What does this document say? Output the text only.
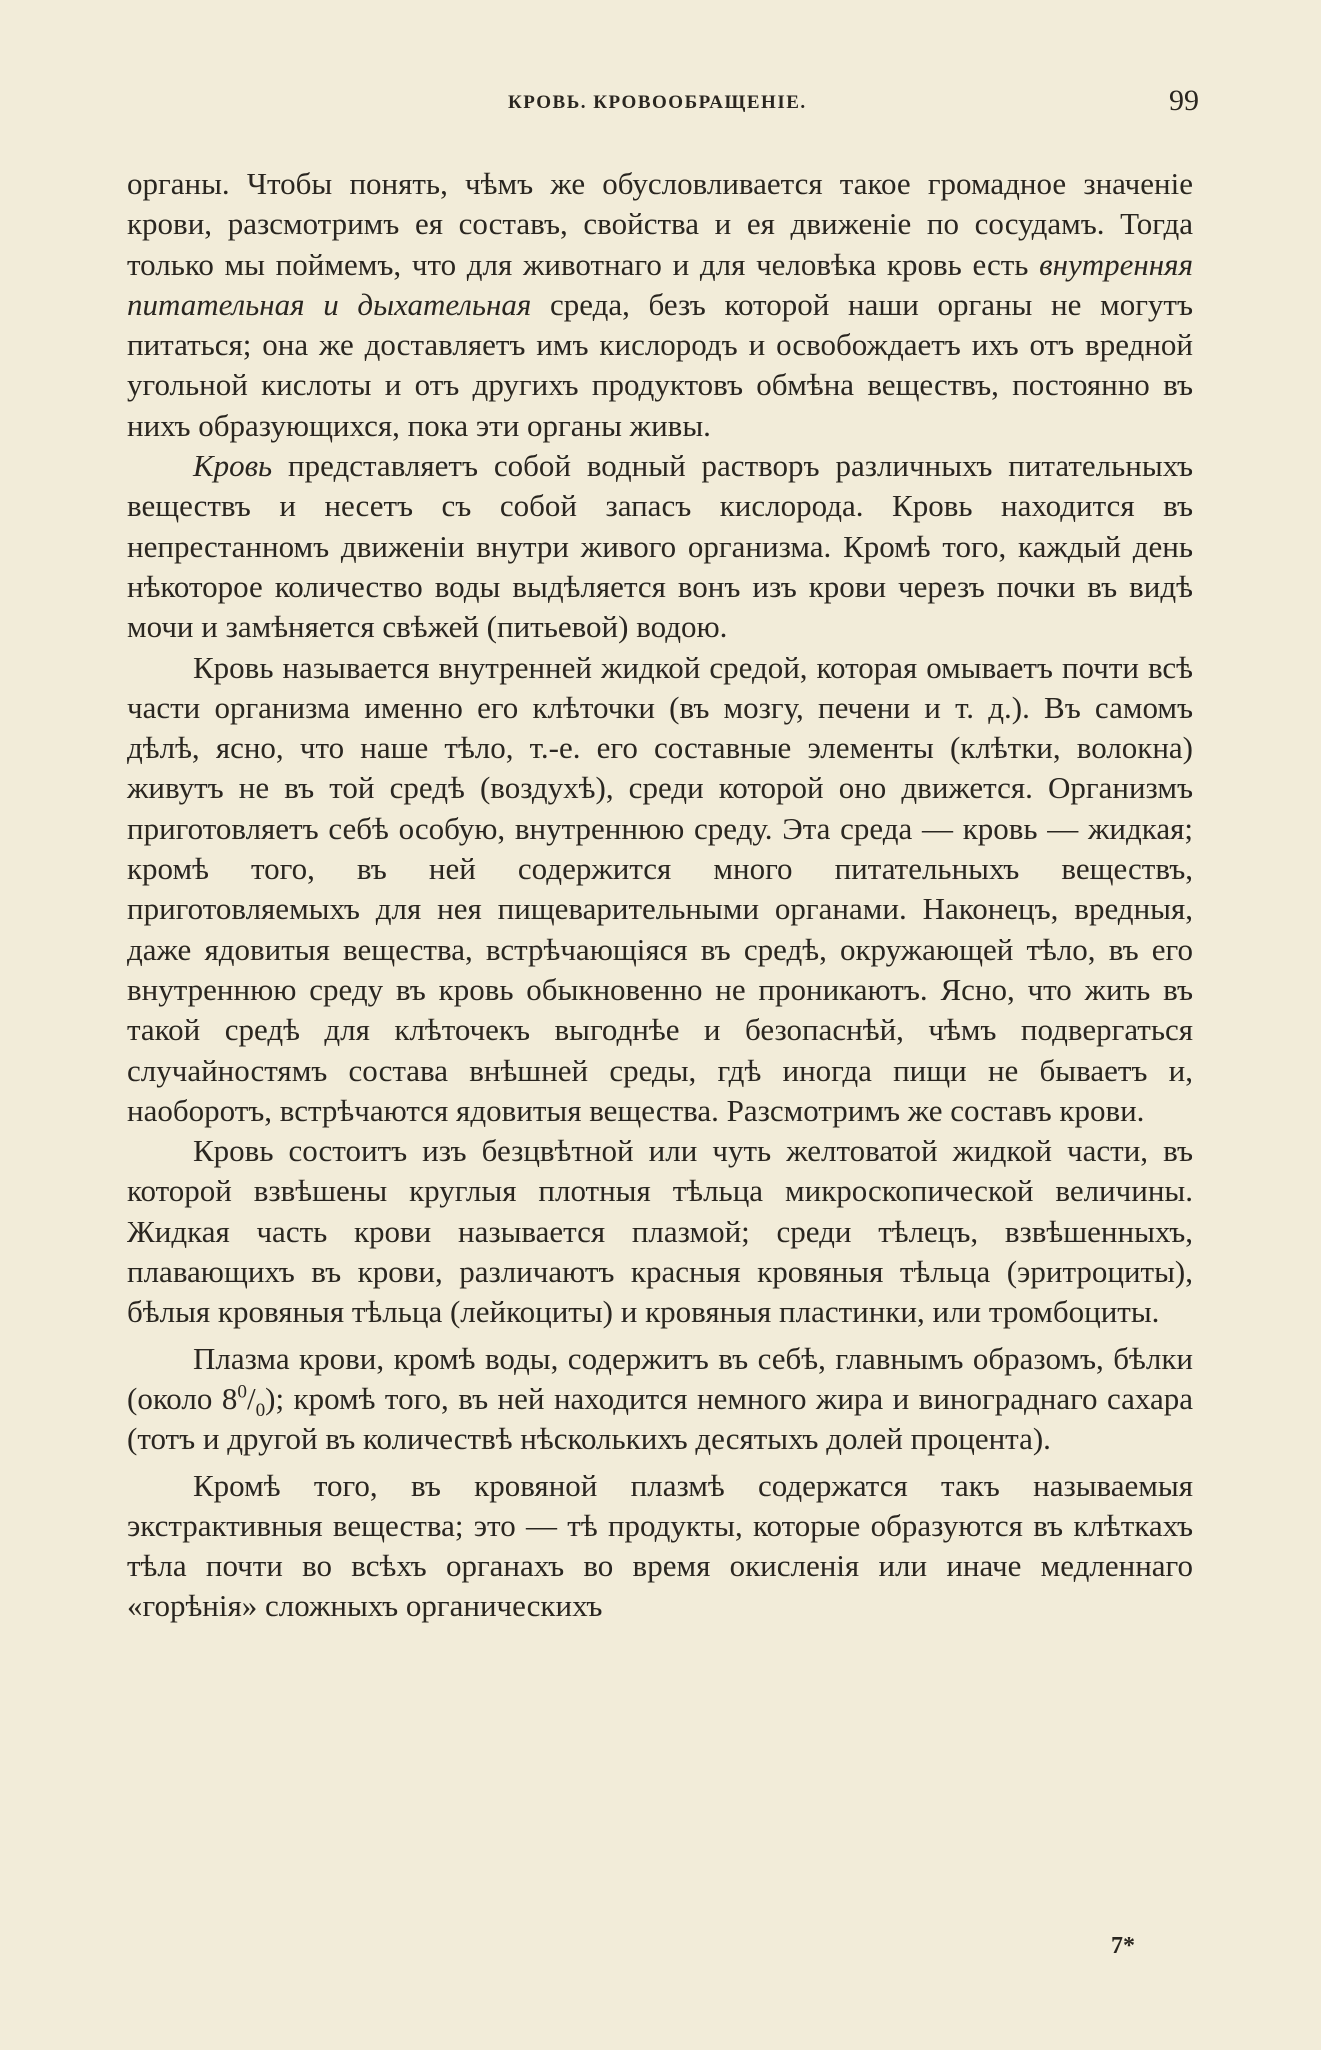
КРОВЬ. КРОВООБРАЩЕНІЕ.	99

органы. Чтобы понять, чѣмъ же обусловливается такое громадное значеніе крови, разсмотримъ ея составъ, свойства и ея движеніе по сосудамъ. Тогда только мы поймемъ, что для животнаго и для человѣка кровь есть внутренняя питательная и дыхательная среда, безъ которой наши органы не могутъ питаться; она же доставляетъ имъ кислородъ и освобождаетъ ихъ отъ вредной угольной кислоты и отъ другихъ продуктовъ обмѣна веществъ, постоянно въ нихъ образующихся, пока эти органы живы.

Кровь представляетъ собой водный растворъ различныхъ питательныхъ веществъ и несетъ съ собой запасъ кислорода. Кровь находится въ непрестанномъ движеніи внутри живого организма. Кромѣ того, каждый день нѣкоторое количество воды выдѣляется вонъ изъ крови черезъ почки въ видѣ мочи и замѣняется свѣжей (питьевой) водою.

Кровь называется внутренней жидкой средой, которая омываетъ почти всѣ части организма именно его клѣточки (въ мозгу, печени и т. д.). Въ самомъ дѣлѣ, ясно, что наше тѣло, т.-е. его составные элементы (клѣтки, волокна) живутъ не въ той средѣ (воздухѣ), среди которой оно движется. Организмъ приготовляетъ себѣ особую, внутреннюю среду. Эта среда — кровь — жидкая; кромѣ того, въ ней содержится много питательныхъ веществъ, приготовляемыхъ для нея пищеварительными органами. Наконецъ, вредныя, даже ядовитыя вещества, встрѣчающіяся въ средѣ, окружающей тѣло, въ его внутреннюю среду въ кровь обыкновенно не проникаютъ. Ясно, что жить въ такой средѣ для клѣточекъ выгоднѣе и безопаснѣй, чѣмъ подвергаться случайностямъ состава внѣшней среды, гдѣ иногда пищи не бываетъ и, наоборотъ, встрѣчаются ядовитыя вещества. Разсмотримъ же составъ крови.

Кровь состоитъ изъ безцвѣтной или чуть желтоватой жидкой части, въ которой взвѣшены круглыя плотныя тѣльца микроскопической величины. Жидкая часть крови называется плазмой; среди тѣлецъ, взвѣшенныхъ, плавающихъ въ крови, различаютъ красныя кровяныя тѣльца (эритроциты), бѣлыя кровяныя тѣльца (лейкоциты) и кровяныя пластинки, или тромбоциты.

Плазма крови, кромѣ воды, содержитъ въ себѣ, главнымъ образомъ, бѣлки (около $8^0/_0$); кромѣ того, въ ней находится немного жира и винограднаго сахара (тотъ и другой въ количествѣ нѣсколькихъ десятыхъ долей процента).

Кромѣ того, въ кровяной плазмѣ содержатся такъ называемыя экстрактивныя вещества; это — тѣ продукты, которые образуются въ клѣткахъ тѣла почти во всѣхъ органахъ во время окисленія или иначе медленнаго «горѣнія» сложныхъ органическихъ

7*
